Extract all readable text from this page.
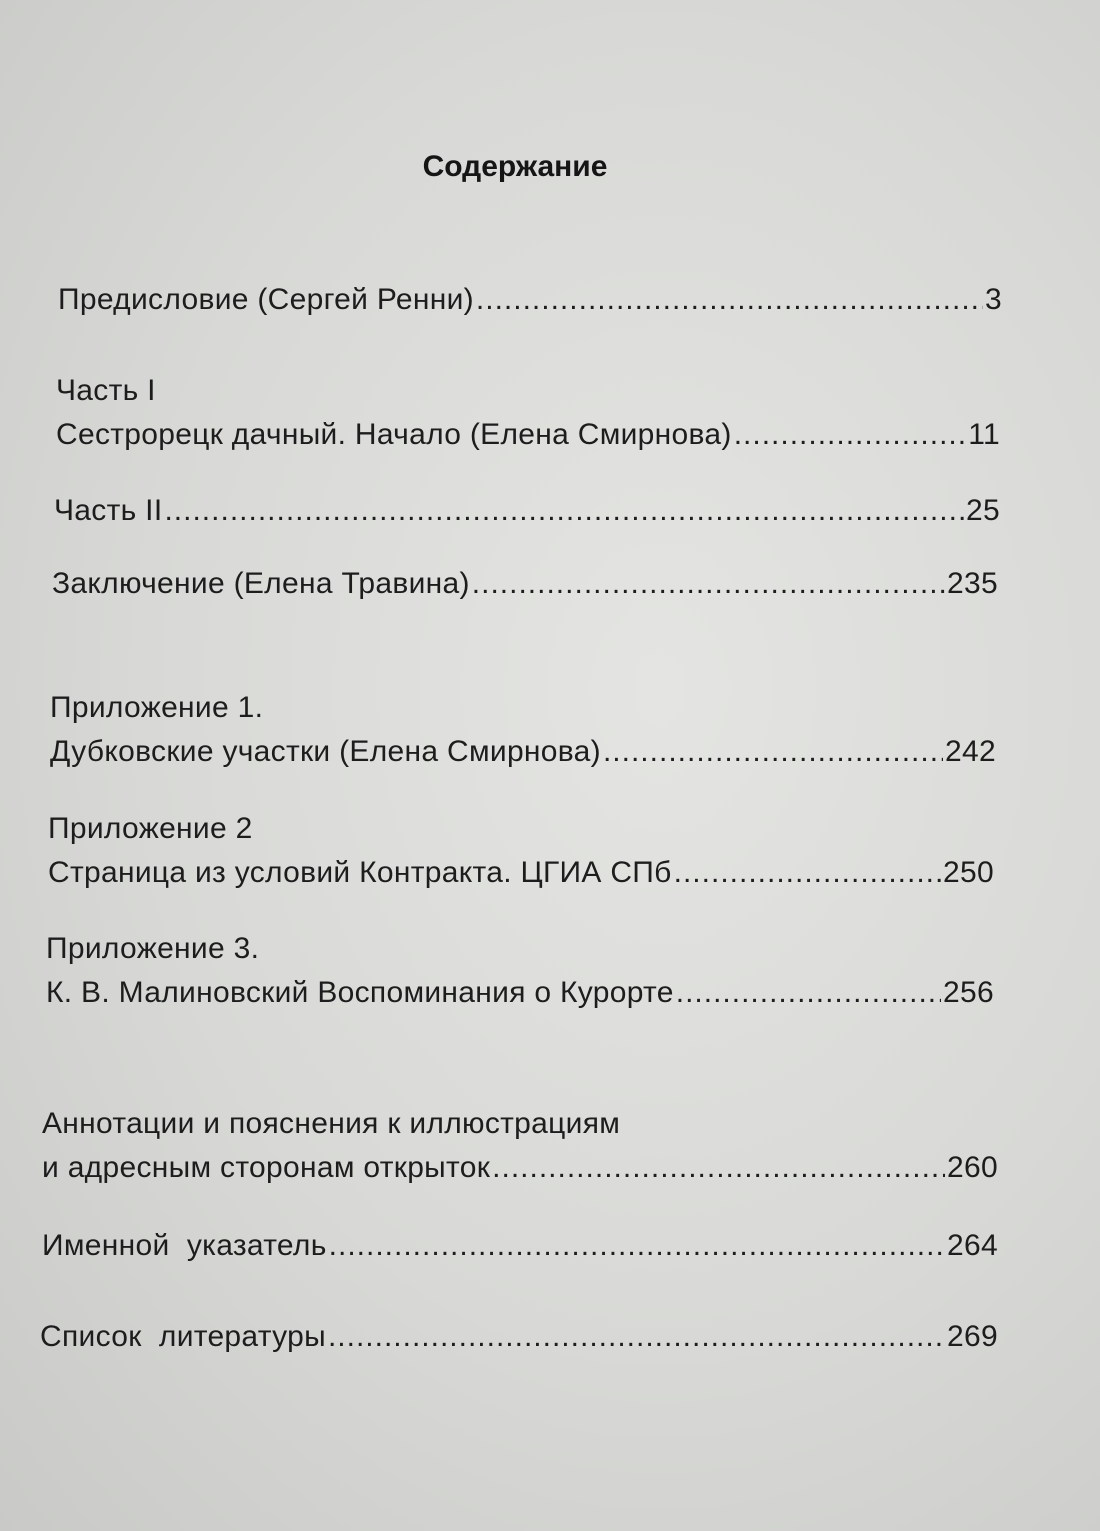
Содержание
Предисловие (Сергей Ренни) .....	3
Часть I
Сестрорецк дачный. Начало (Елена Смирнова) .....	11
Часть II .....	25
Заключение (Елена Травина) .....	235
Приложение 1.
Дубковские участки (Елена Смирнова) .....	242
Приложение 2
Страница из условий Контракта. ЦГИА СПб .....	250
Приложение 3.
К. В. Малиновский Воспоминания о Курорте .....	256
Аннотации и пояснения к иллюстрациям
и адресным сторонам открыток .....	260
Именной  указатель .....	264
Список  литературы .....	269
